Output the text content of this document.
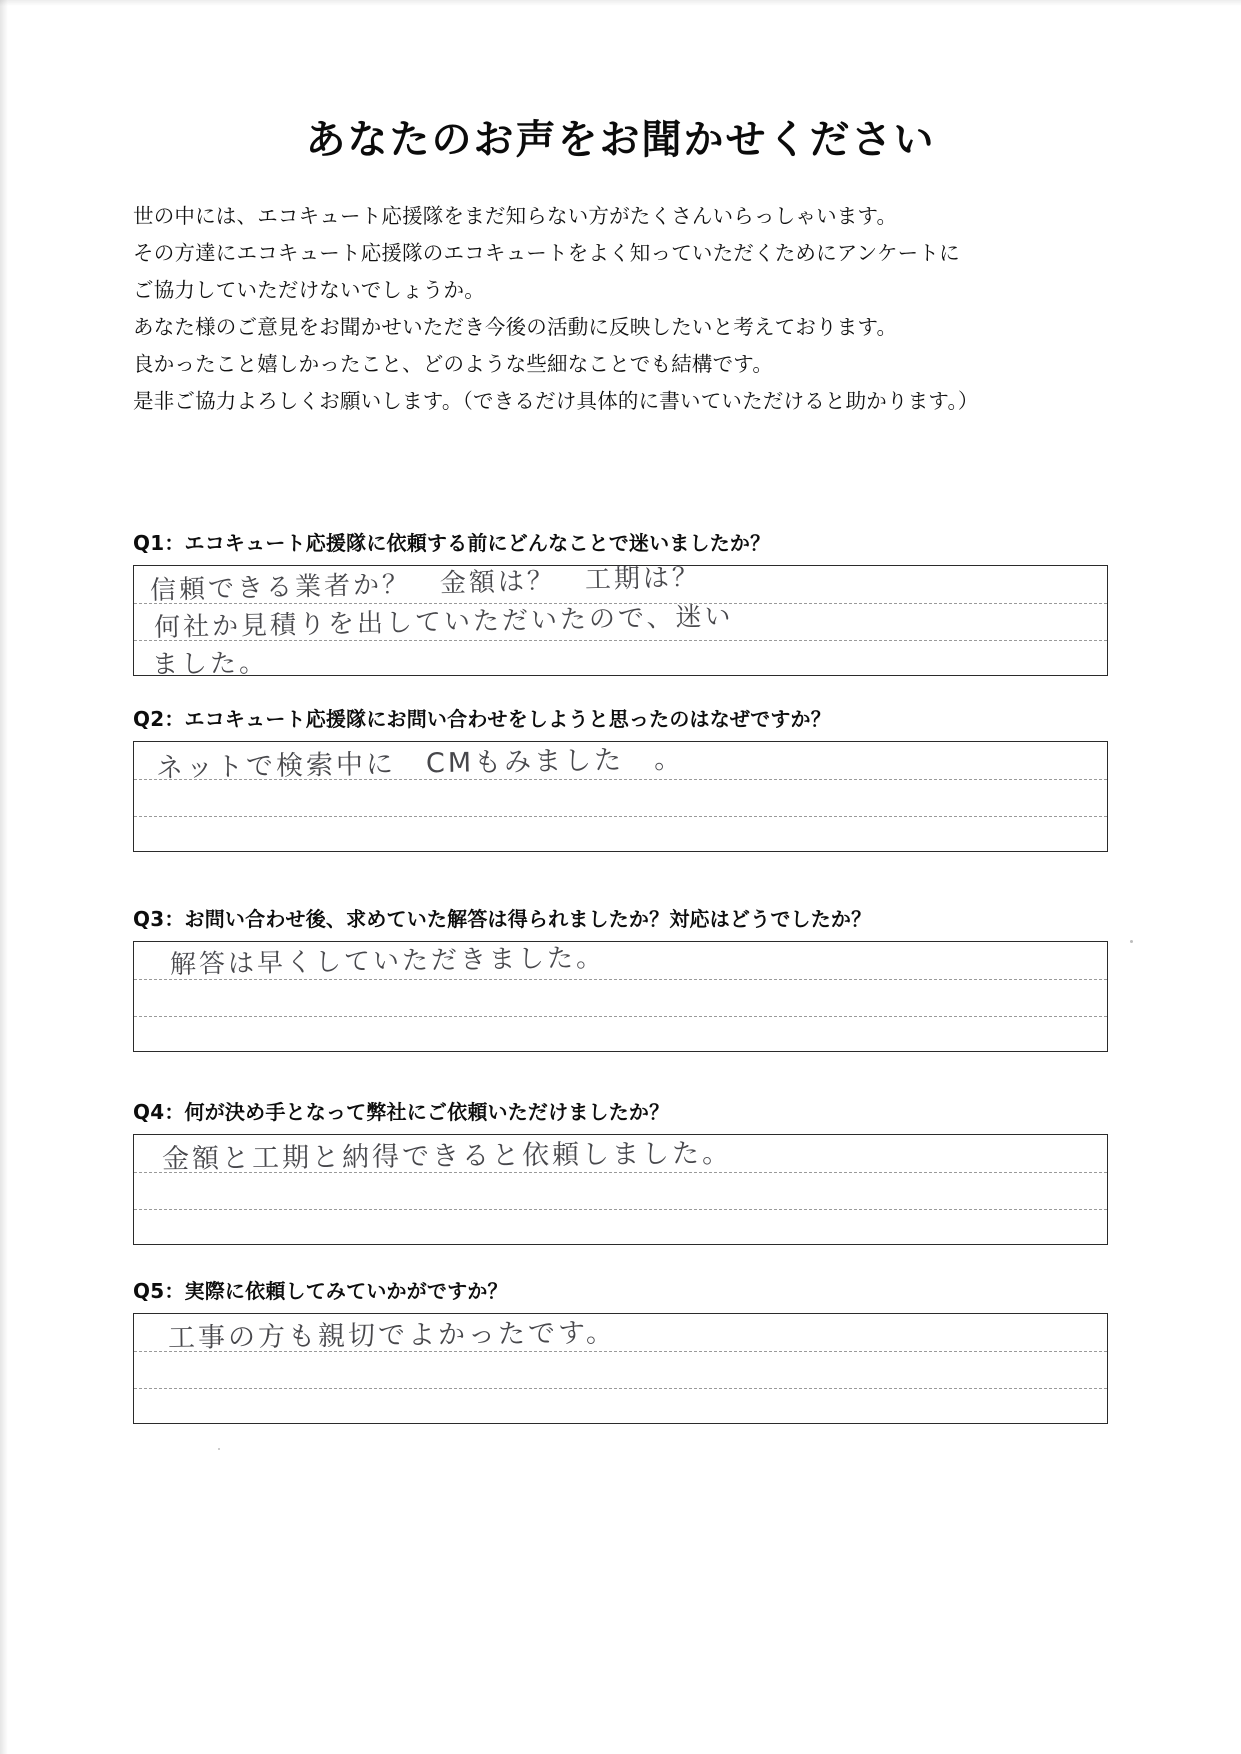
あなたのお声をお聞かせください
世の中には、エコキュート応援隊をまだ知らない方がたくさんいらっしゃいます。
その方達にエコキュート応援隊のエコキュートをよく知っていただくためにアンケートに
ご協力していただけないでしょうか。
あなた様のご意見をお聞かせいただき今後の活動に反映したいと考えております。
良かったこと嬉しかったこと、どのような些細なことでも結構です。
是非ご協力よろしくお願いします。（できるだけ具体的に書いていただけると助かります。）
Q1：エコキュート応援隊に依頼する前にどんなことで迷いましたか？
信頼できる業者か？　金額は？　工期は？
何社か見積りを出していただいたので、迷い
ました。
Q2：エコキュート応援隊にお問い合わせをしようと思ったのはなぜですか？
ネットで検索中に　CMもみました　。
Q3：お問い合わせ後、求めていた解答は得られましたか？対応はどうでしたか？
解答は早くしていただきました。
Q4：何が決め手となって弊社にご依頼いただけましたか？
金額と工期と納得できると依頼しました。
Q5：実際に依頼してみていかがですか？
工事の方も親切でよかったです。
